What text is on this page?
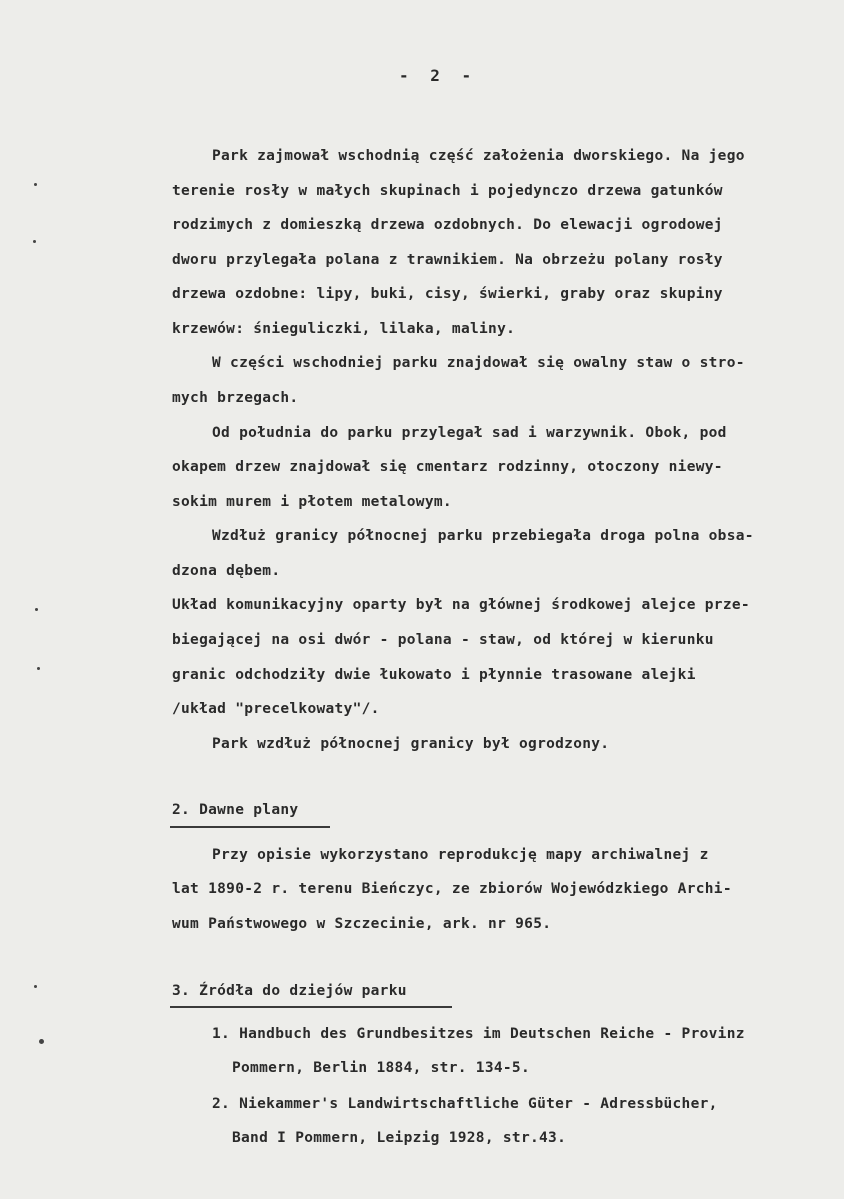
- 2 -
Park zajmował wschodnią część założenia dworskiego. Na jego
terenie rosły w małych skupinach i pojedynczo drzewa gatunków
rodzimych z domieszką drzewa ozdobnych. Do elewacji ogrodowej
dworu przylegała polana z trawnikiem. Na obrzeżu polany rosły
drzewa ozdobne: lipy, buki, cisy, świerki, graby oraz skupiny
krzewów: śnieguliczki, lilaka, maliny.
W części wschodniej parku znajdował się owalny staw o stro-
mych brzegach.
Od południa do parku przylegał sad i warzywnik. Obok, pod
okapem drzew znajdował się cmentarz rodzinny, otoczony niewy-
sokim murem i płotem metalowym.
Wzdłuż granicy północnej parku przebiegała droga polna obsa-
dzona dębem.
Układ komunikacyjny oparty był na głównej środkowej alejce prze-
biegającej na osi dwór - polana - staw, od której w kierunku
granic odchodziły dwie łukowato i płynnie trasowane alejki
/układ "precelkowaty"/.
Park wzdłuż północnej granicy był ogrodzony.
2. Dawne plany
Przy opisie wykorzystano reprodukcję mapy archiwalnej z
lat 1890-2 r. terenu Bieńczyc, ze zbiorów Wojewódzkiego Archi-
wum Państwowego w Szczecinie, ark. nr 965.
3. Źródła do dziejów parku
1. Handbuch des Grundbesitzes im Deutschen Reiche - Provinz
Pommern, Berlin 1884, str. 134-5.
2. Niekammer's Landwirtschaftliche Güter - Adressbücher,
Band I Pommern, Leipzig 1928, str.43.
